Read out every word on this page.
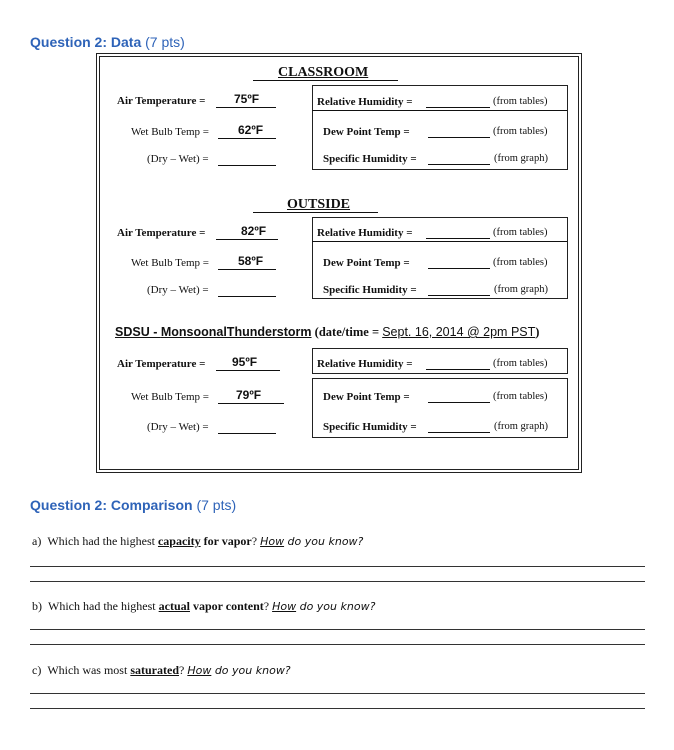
Question 2: Data (7 pts)
CLASSROOM
Air Temperature = 75ºF
Wet Bulb Temp = 62ºF
(Dry – Wet) =
Relative Humidity =	(from tables)
Dew Point Temp =	(from tables)
Specific Humidity =	(from graph)
OUTSIDE
Air Temperature =	82ºF
Wet Bulb Temp = 58ºF
(Dry – Wet) =
Relative Humidity =	(from tables)
Dew Point Temp =	(from tables)
Specific Humidity =	(from graph)
SDSU - MonsoonalThunderstorm (date/time = Sept. 16, 2014 @ 2pm PST)
Air Temperature = 95ºF
Wet Bulb Temp = 79ºF
(Dry – Wet) =
Relative Humidity =	(from tables)
Dew Point Temp =	(from tables)
Specific Humidity =	(from graph)
Question 2: Comparison (7 pts)
a) Which had the highest capacity for vapor? How do you know?
b) Which had the highest actual vapor content? How do you know?
c) Which was most saturated? How do you know?
